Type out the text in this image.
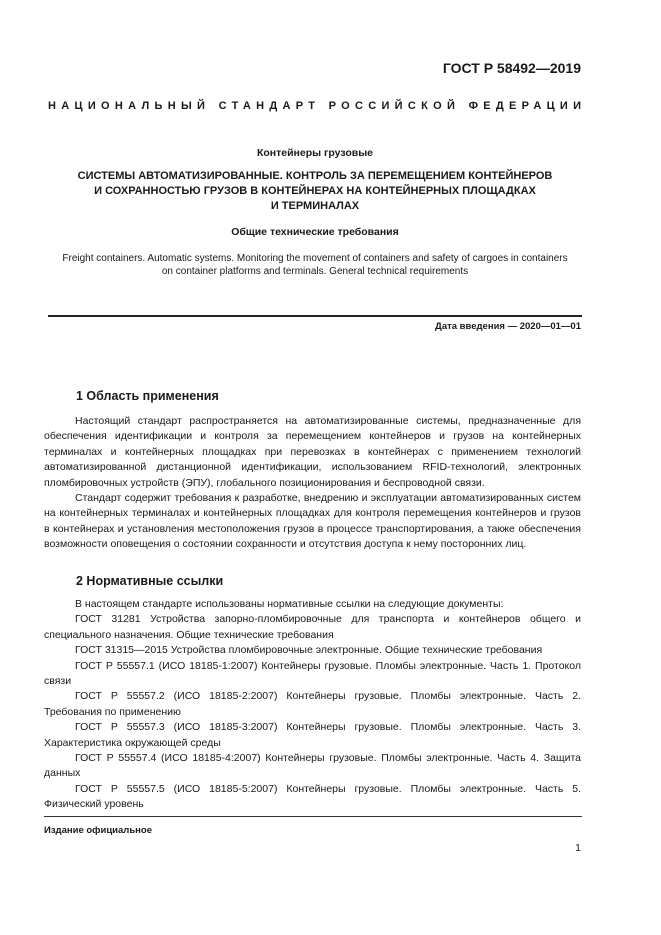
ГОСТ Р 58492—2019
НАЦИОНАЛЬНЫЙ СТАНДАРТ РОССИЙСКОЙ ФЕДЕРАЦИИ
Контейнеры грузовые
СИСТЕМЫ АВТОМАТИЗИРОВАННЫЕ. КОНТРОЛЬ ЗА ПЕРЕМЕЩЕНИЕМ КОНТЕЙНЕРОВ
И СОХРАННОСТЬЮ ГРУЗОВ В КОНТЕЙНЕРАХ НА КОНТЕЙНЕРНЫХ ПЛОЩАДКАХ
И ТЕРМИНАЛАХ
Общие технические требования
Freight containers. Automatic systems. Monitoring the movement of containers and safety of cargoes in containers
on container platforms and terminals. General technical requirements
Дата введения — 2020—01—01
1 Область применения

Настоящий стандарт распространяется на автоматизированные системы, предназначенные для обеспечения идентификации и контроля за перемещением контейнеров и грузов на контейнерных терминалах и контейнерных площадках при перевозках в контейнерах с применением технологий автоматизированной дистанционной идентификации, использованием RFID-технологий, электронных пломбировочных устройств (ЭПУ), глобального позиционирования и беспроводной связи.

Стандарт содержит требования к разработке, внедрению и эксплуатации автоматизированных систем на контейнерных терминалах и контейнерных площадках для контроля перемещения контейнеров и грузов в контейнерах и установления местоположения грузов в процессе транспортирования, а также обеспечения возможности оповещения о состоянии сохранности и отсутствия доступа к нему посторонних лиц.

2 Нормативные ссылки

В настоящем стандарте использованы нормативные ссылки на следующие документы:

ГОСТ 31281 Устройства запорно-пломбировочные для транспорта и контейнеров общего и специального назначения. Общие технические требования

ГОСТ 31315—2015 Устройства пломбировочные электронные. Общие технические требования

ГОСТ Р 55557.1 (ИСО 18185-1:2007) Контейнеры грузовые. Пломбы электронные. Часть 1. Протокол связи

ГОСТ Р 55557.2 (ИСО 18185-2:2007) Контейнеры грузовые. Пломбы электронные. Часть 2. Требования по применению

ГОСТ Р 55557.3 (ИСО 18185-3:2007) Контейнеры грузовые. Пломбы электронные. Часть 3. Характеристика окружающей среды

ГОСТ Р 55557.4 (ИСО 18185-4:2007) Контейнеры грузовые. Пломбы электронные. Часть 4. Защита данных

ГОСТ Р 55557.5 (ИСО 18185-5:2007) Контейнеры грузовые. Пломбы электронные. Часть 5. Физический уровень

Издание официальное
1
